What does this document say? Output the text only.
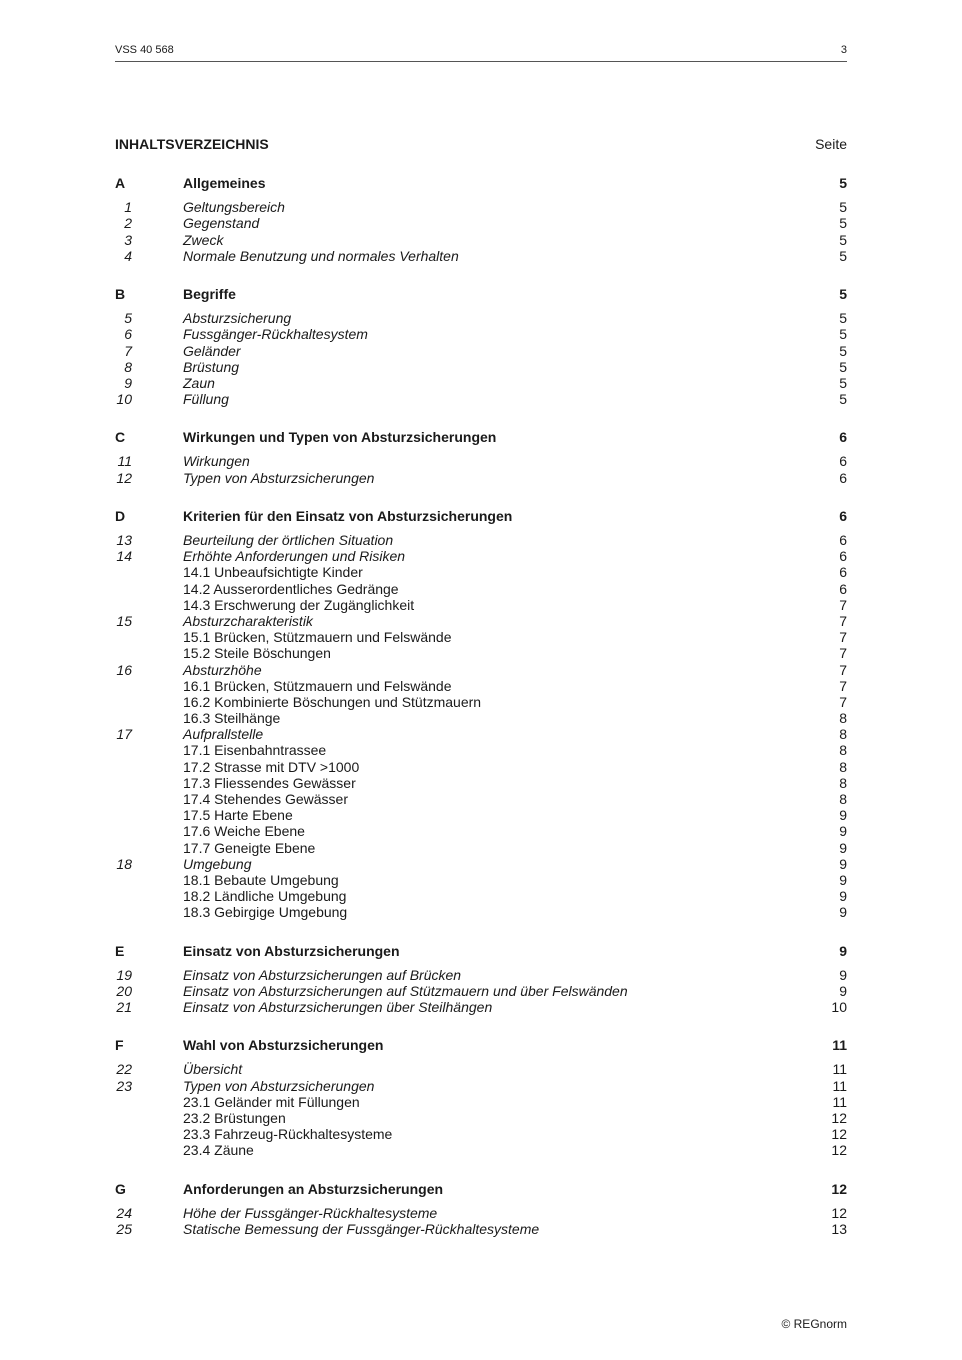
VSS 40 568	3
INHALTSVERZEICHNIS	Seite
A	Allgemeines	5
1	Geltungsbereich	5
2	Gegenstand	5
3	Zweck	5
4	Normale Benutzung und normales Verhalten	5
B	Begriffe	5
5	Absturzsicherung	5
6	Fussgänger-Rückhaltesystem	5
7	Geländer	5
8	Brüstung	5
9	Zaun	5
10	Füllung	5
C	Wirkungen und Typen von Absturzsicherungen	6
11	Wirkungen	6
12	Typen von Absturzsicherungen	6
D	Kriterien für den Einsatz von Absturzsicherungen	6
13	Beurteilung der örtlichen Situation	6
14	Erhöhte Anforderungen und Risiken	6
14.1 Unbeaufsichtigte Kinder	6
14.2 Ausserordentliches Gedränge	6
14.3 Erschwerung der Zugänglichkeit	7
15	Absturzcharakteristik	7
15.1 Brücken, Stützmauern und Felswände	7
15.2 Steile Böschungen	7
16	Absturzhöhe	7
16.1 Brücken, Stützmauern und Felswände	7
16.2 Kombinierte Böschungen und Stützmauern	7
16.3 Steilhänge	8
17	Aufprallstelle	8
17.1 Eisenbahntrassee	8
17.2 Strasse mit DTV >1000	8
17.3 Fliessendes Gewässer	8
17.4 Stehendes Gewässer	8
17.5 Harte Ebene	9
17.6 Weiche Ebene	9
17.7 Geneigte Ebene	9
18	Umgebung	9
18.1 Bebaute Umgebung	9
18.2 Ländliche Umgebung	9
18.3 Gebirgige Umgebung	9
E	Einsatz von Absturzsicherungen	9
19	Einsatz von Absturzsicherungen auf Brücken	9
20	Einsatz von Absturzsicherungen auf Stützmauern und über Felswänden	9
21	Einsatz von Absturzsicherungen über Steilhängen	10
F	Wahl von Absturzsicherungen	11
22	Übersicht	11
23	Typen von Absturzsicherungen	11
23.1 Geländer mit Füllungen	11
23.2 Brüstungen	12
23.3 Fahrzeug-Rückhaltesysteme	12
23.4 Zäune	12
G	Anforderungen an Absturzsicherungen	12
24	Höhe der Fussgänger-Rückhaltesysteme	12
25	Statische Bemessung der Fussgänger-Rückhaltesysteme	13
© REGnorm
